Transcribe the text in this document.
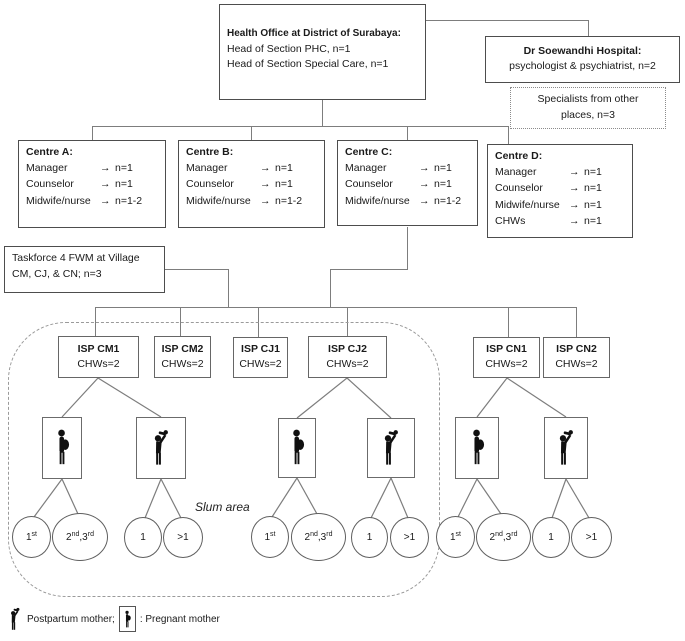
Health Office at District of Surabaya:
Head of Section PHC, n=1
Head of Section Special Care, n=1
Dr Soewandhi Hospital:
psychologist & psychiatrist, n=2
Specialists from other places, n=3
Centre A:
Manager	→ n=1
Counselor	→ n=1
Midwife/nurse → n=1-2
Centre B:
Manager	→ n=1
Counselor	→ n=1
Midwife/nurse → n=1-2
Centre C:
Manager	→ n=1
Counselor	→ n=1
Midwife/nurse → n=1-2
Centre D:
Manager	→ n=1
Counselor	→ n=1
Midwife/nurse → n=1
CHWs	→ n=1
Taskforce 4 FWM at Village
CM, CJ, & CN; n=3
Slum area
ISP CM1
CHWs=2
ISP CM2
CHWs=2
ISP CJ1
CHWs=2
ISP CJ2
CHWs=2
ISP CN1
CHWs=2
ISP CN2
CHWs=2
1 st	2 nd ,3 rd	1	>1	1 st	2 nd ,3 rd	1	>1	1 st	2 nd ,3 rd	1	>1
Postpartum mother;	: Pregnant mother
